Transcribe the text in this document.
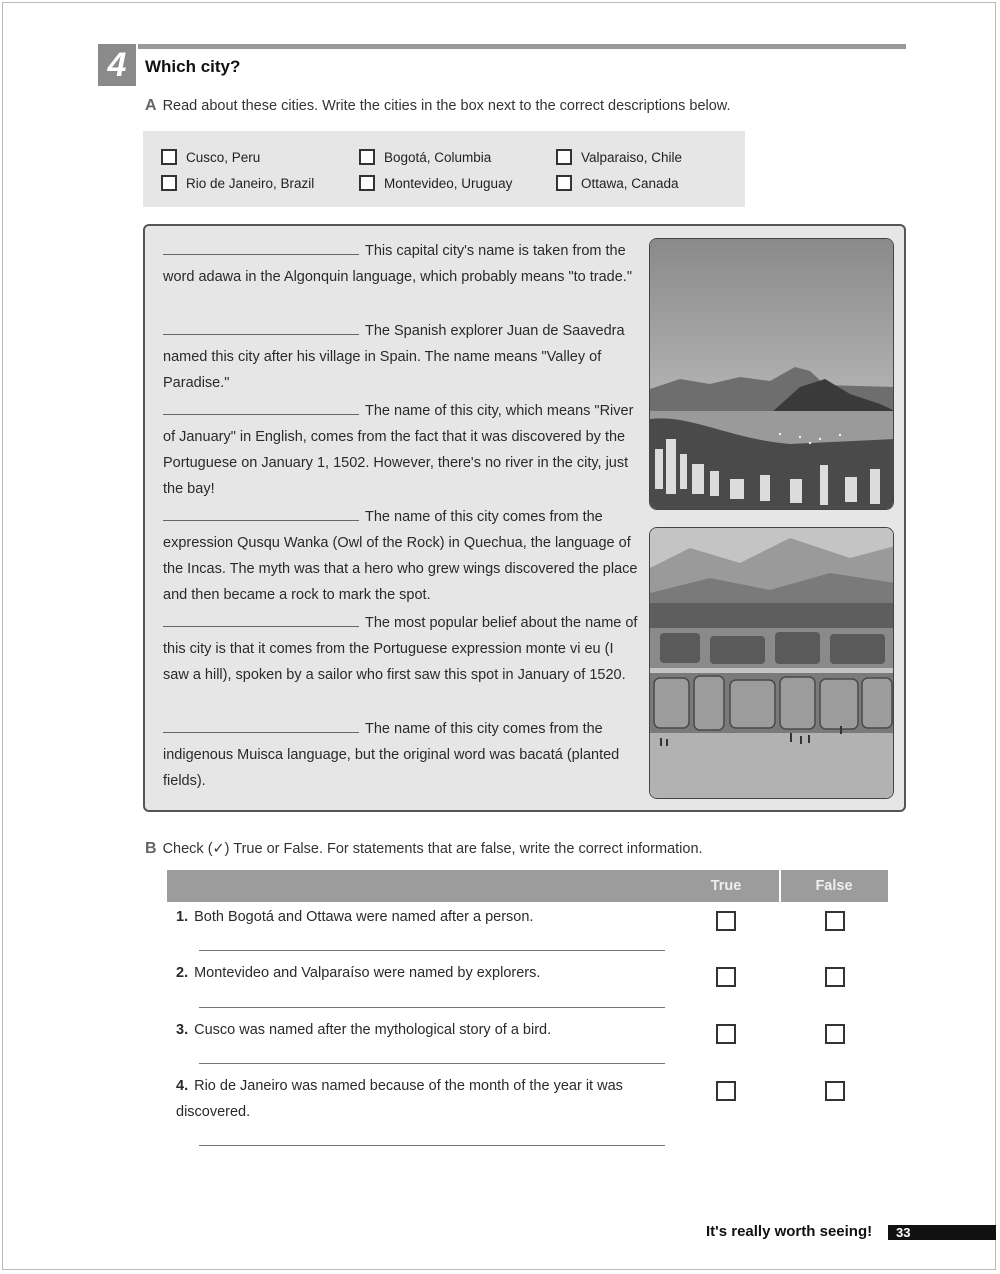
4	Which city?
A Read about these cities. Write the cities in the box next to the correct descriptions below.
Cusco, Peru	Bogotá, Columbia	Valparaiso, Chile
Rio de Janeiro, Brazil	Montevideo, Uruguay	Ottawa, Canada
This capital city's name is taken from the word adawa in the Algonquin language, which probably means "to trade."
The Spanish explorer Juan de Saavedra named this city after his village in Spain. The name means "Valley of Paradise."
The name of this city, which means "River of January" in English, comes from the fact that it was discovered by the Portuguese on January 1, 1502. However, there's no river in the city, just the bay!
The name of this city comes from the expression Qusqu Wanka (Owl of the Rock) in Quechua, the language of the Incas. The myth was that a hero who grew wings discovered the place and then became a rock to mark the spot.
The most popular belief about the name of this city is that it comes from the Portuguese expression monte vi eu (I saw a hill), spoken by a sailor who first saw this spot in January of 1520.
The name of this city comes from the indigenous Muisca language, but the original word was bacatá (planted fields).
B Check (✓) True or False. For statements that are false, write the correct information.
True	False
1. Both Bogotá and Ottawa were named after a person.
2. Montevideo and Valparaíso were named by explorers.
3. Cusco was named after the mythological story of a bird.
4. Rio de Janeiro was named because of the month of the year it was discovered.
It's really worth seeing!	33
